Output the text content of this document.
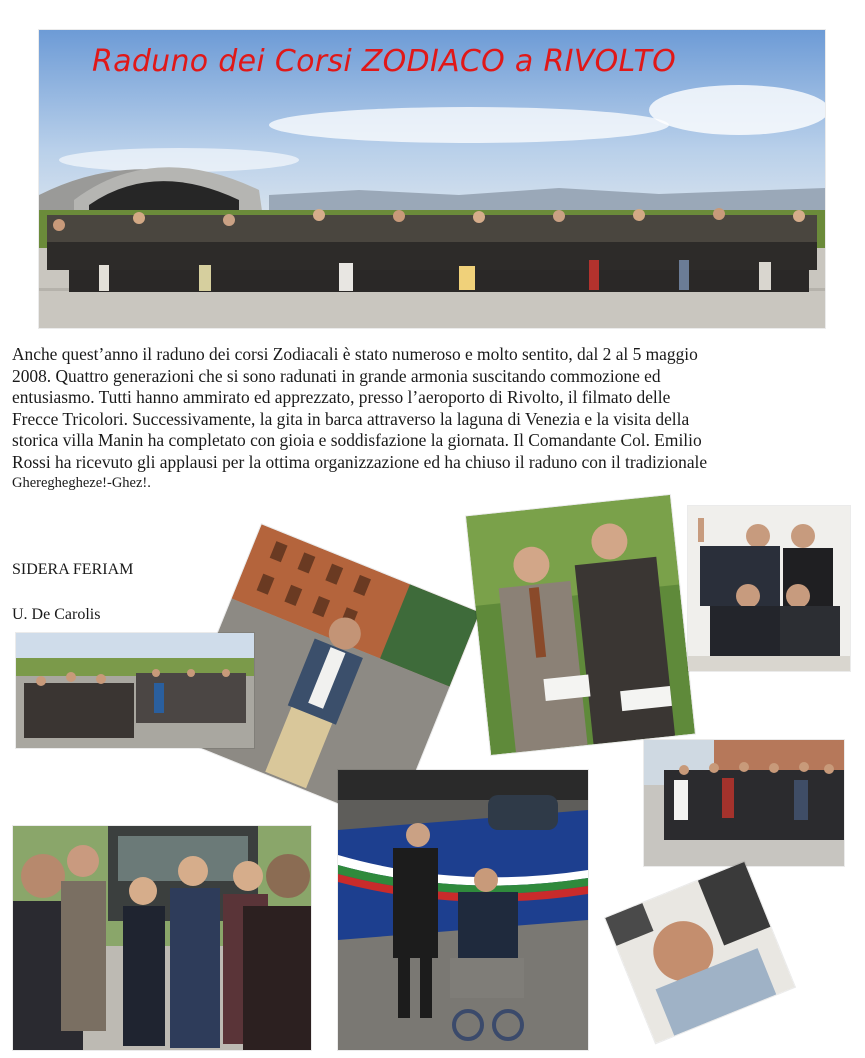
Raduno dei Corsi ZODIACO a RIVOLTO

Anche quest’anno il raduno dei corsi Zodiacali è stato numeroso e molto sentito, dal 2 al 5 maggio

2008. Quattro generazioni che si sono radunati in grande armonia suscitando commozione ed

entusiasmo. Tutti hanno ammirato ed apprezzato, presso l’aeroporto di Rivolto, il filmato delle

Frecce Tricolori. Successivamente, la gita in barca attraverso la laguna di Venezia e la visita della

storica villa Manin ha completato con gioia e soddisfazione la giornata. Il Comandante Col. Emilio

Rossi ha ricevuto gli applausi per la ottima organizzazione ed ha chiuso il raduno con il tradizionale

Ghereghegheze!-Ghez!.

SIDERA FERIAM
U. De Carolis
